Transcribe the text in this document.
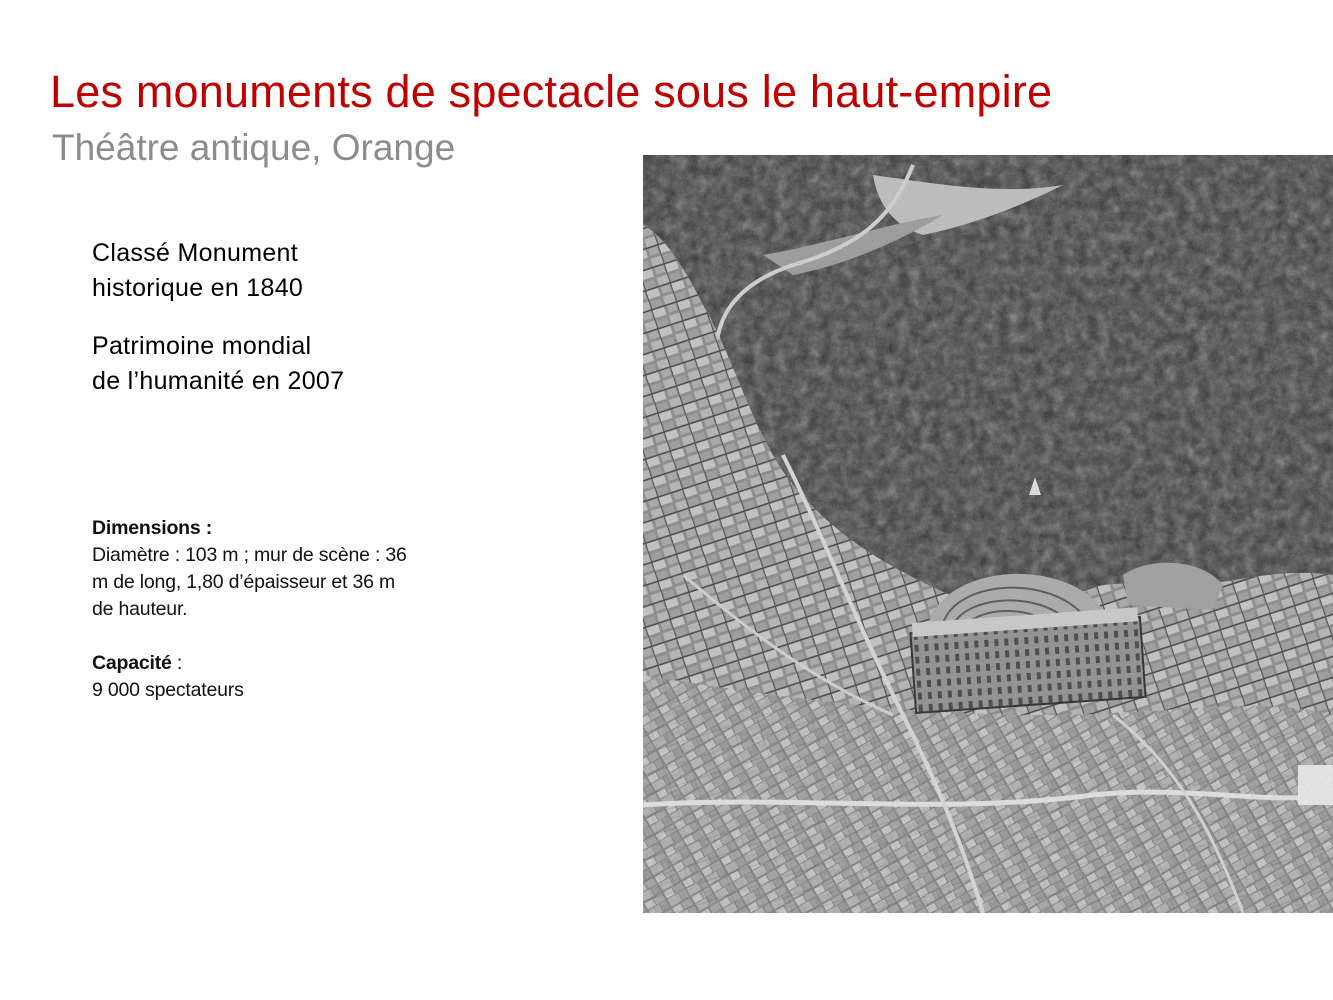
Les monuments de spectacle sous le haut-empire
Théâtre antique, Orange
Classé Monument
historique en 1840
Patrimoine mondial
de l’humanité en 2007
Dimensions :
Diamètre : 103 m ; mur de scène : 36
m de long, 1,80 d’épaisseur et 36 m
de hauteur.
Capacité :
9 000 spectateurs
